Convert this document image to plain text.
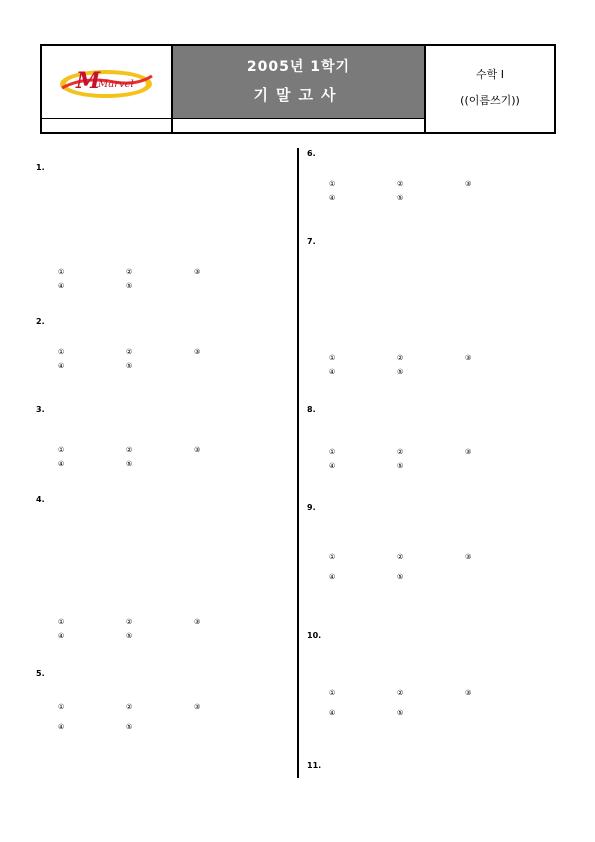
M
Marvel
2005년 1학기
기말고사
수학 I
((이름쓰기))
1.
①	②	③
④	⑤
2.
①	②	③
④	⑤
3.
①	②	③
④	⑤
4.
①	②	③
④	⑤
5.
①	②	③
④	⑤
6.
①	②	③
④	⑤
7.
①	②	③
④	⑤
8.
①	②	③
④	⑤
9.
①	②	③
④	⑤
10.
①	②	③
④	⑤
11.
